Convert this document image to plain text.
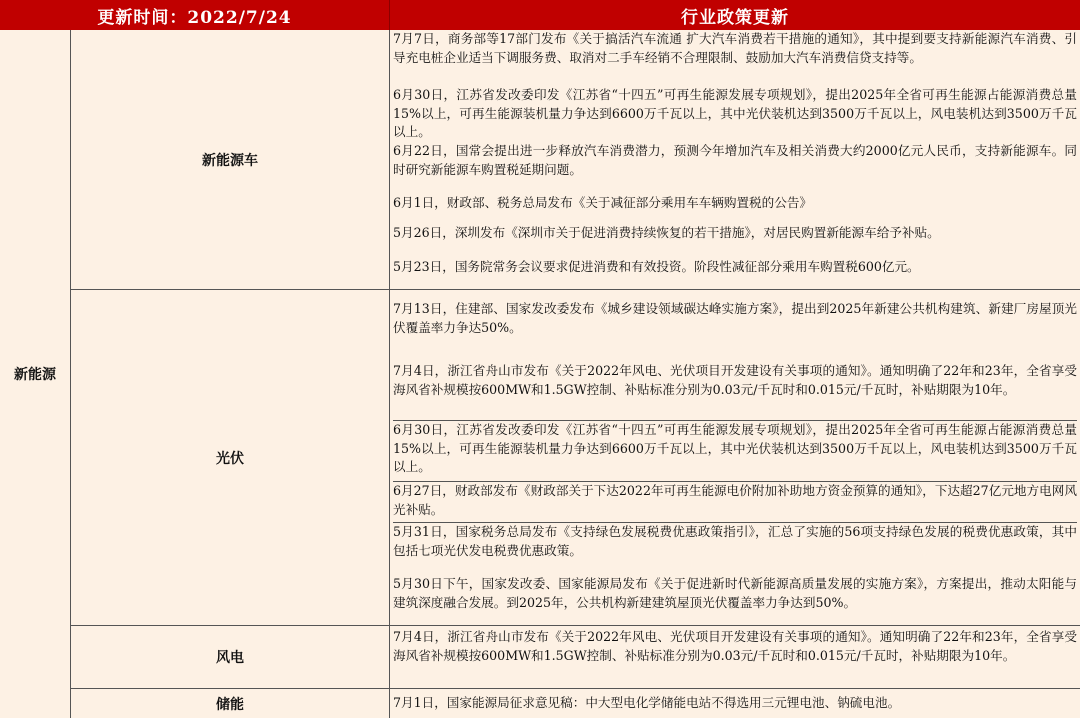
更新时间：2022/7/24	行业政策更新
新能源
新能源车
光伏
风电
储能
7月7日，商务部等17部门发布《关于搞活汽车流通 扩大汽车消费若干措施的通知》，其中提到要支持新能源汽车消费、引导充电桩企业适当下调服务费、取消对二手车经销不合理限制、鼓励加大汽车消费信贷支持等。
6月30日，江苏省发改委印发《江苏省“十四五”可再生能源发展专项规划》，提出2025年全省可再生能源占能源消费总量15%以上，可再生能源装机量力争达到6600万千瓦以上，其中光伏装机达到3500万千瓦以上，风电装机达到3500万千瓦以上。
6月22日，国常会提出进一步释放汽车消费潜力，预测今年增加汽车及相关消费大约2000亿元人民币，支持新能源车。同时研究新能源车购置税延期问题。
6月1日，财政部、税务总局发布《关于减征部分乘用车车辆购置税的公告》
5月26日，深圳发布《深圳市关于促进消费持续恢复的若干措施》，对居民购置新能源车给予补贴。
5月23日，国务院常务会议要求促进消费和有效投资。阶段性减征部分乘用车购置税600亿元。
7月13日，住建部、国家发改委发布《城乡建设领域碳达峰实施方案》，提出到2025年新建公共机构建筑、新建厂房屋顶光伏覆盖率力争达50%。
7月4日，浙江省舟山市发布《关于2022年风电、光伏项目开发建设有关事项的通知》。通知明确了22年和23年，全省享受海风省补规模按600MW和1.5GW控制、补贴标准分别为0.03元/千瓦时和0.015元/千瓦时，补贴期限为10年。
6月30日，江苏省发改委印发《江苏省“十四五”可再生能源发展专项规划》，提出2025年全省可再生能源占能源消费总量15%以上，可再生能源装机量力争达到6600万千瓦以上，其中光伏装机达到3500万千瓦以上，风电装机达到3500万千瓦以上。
6月27日，财政部发布《财政部关于下达2022年可再生能源电价附加补助地方资金预算的通知》，下达超27亿元地方电网风光补贴。
5月31日，国家税务总局发布《支持绿色发展税费优惠政策指引》，汇总了实施的56项支持绿色发展的税费优惠政策，其中包括七项光伏发电税费优惠政策。
5月30日下午，国家发改委、国家能源局发布《关于促进新时代新能源高质量发展的实施方案》，方案提出，推动太阳能与建筑深度融合发展。到2025年，公共机构新建建筑屋顶光伏覆盖率力争达到50%。
7月4日，浙江省舟山市发布《关于2022年风电、光伏项目开发建设有关事项的通知》。通知明确了22年和23年，全省享受海风省补规模按600MW和1.5GW控制、补贴标准分别为0.03元/千瓦时和0.015元/千瓦时，补贴期限为10年。
7月1日，国家能源局征求意见稿：中大型电化学储能电站不得选用三元锂电池、钠硫电池。
